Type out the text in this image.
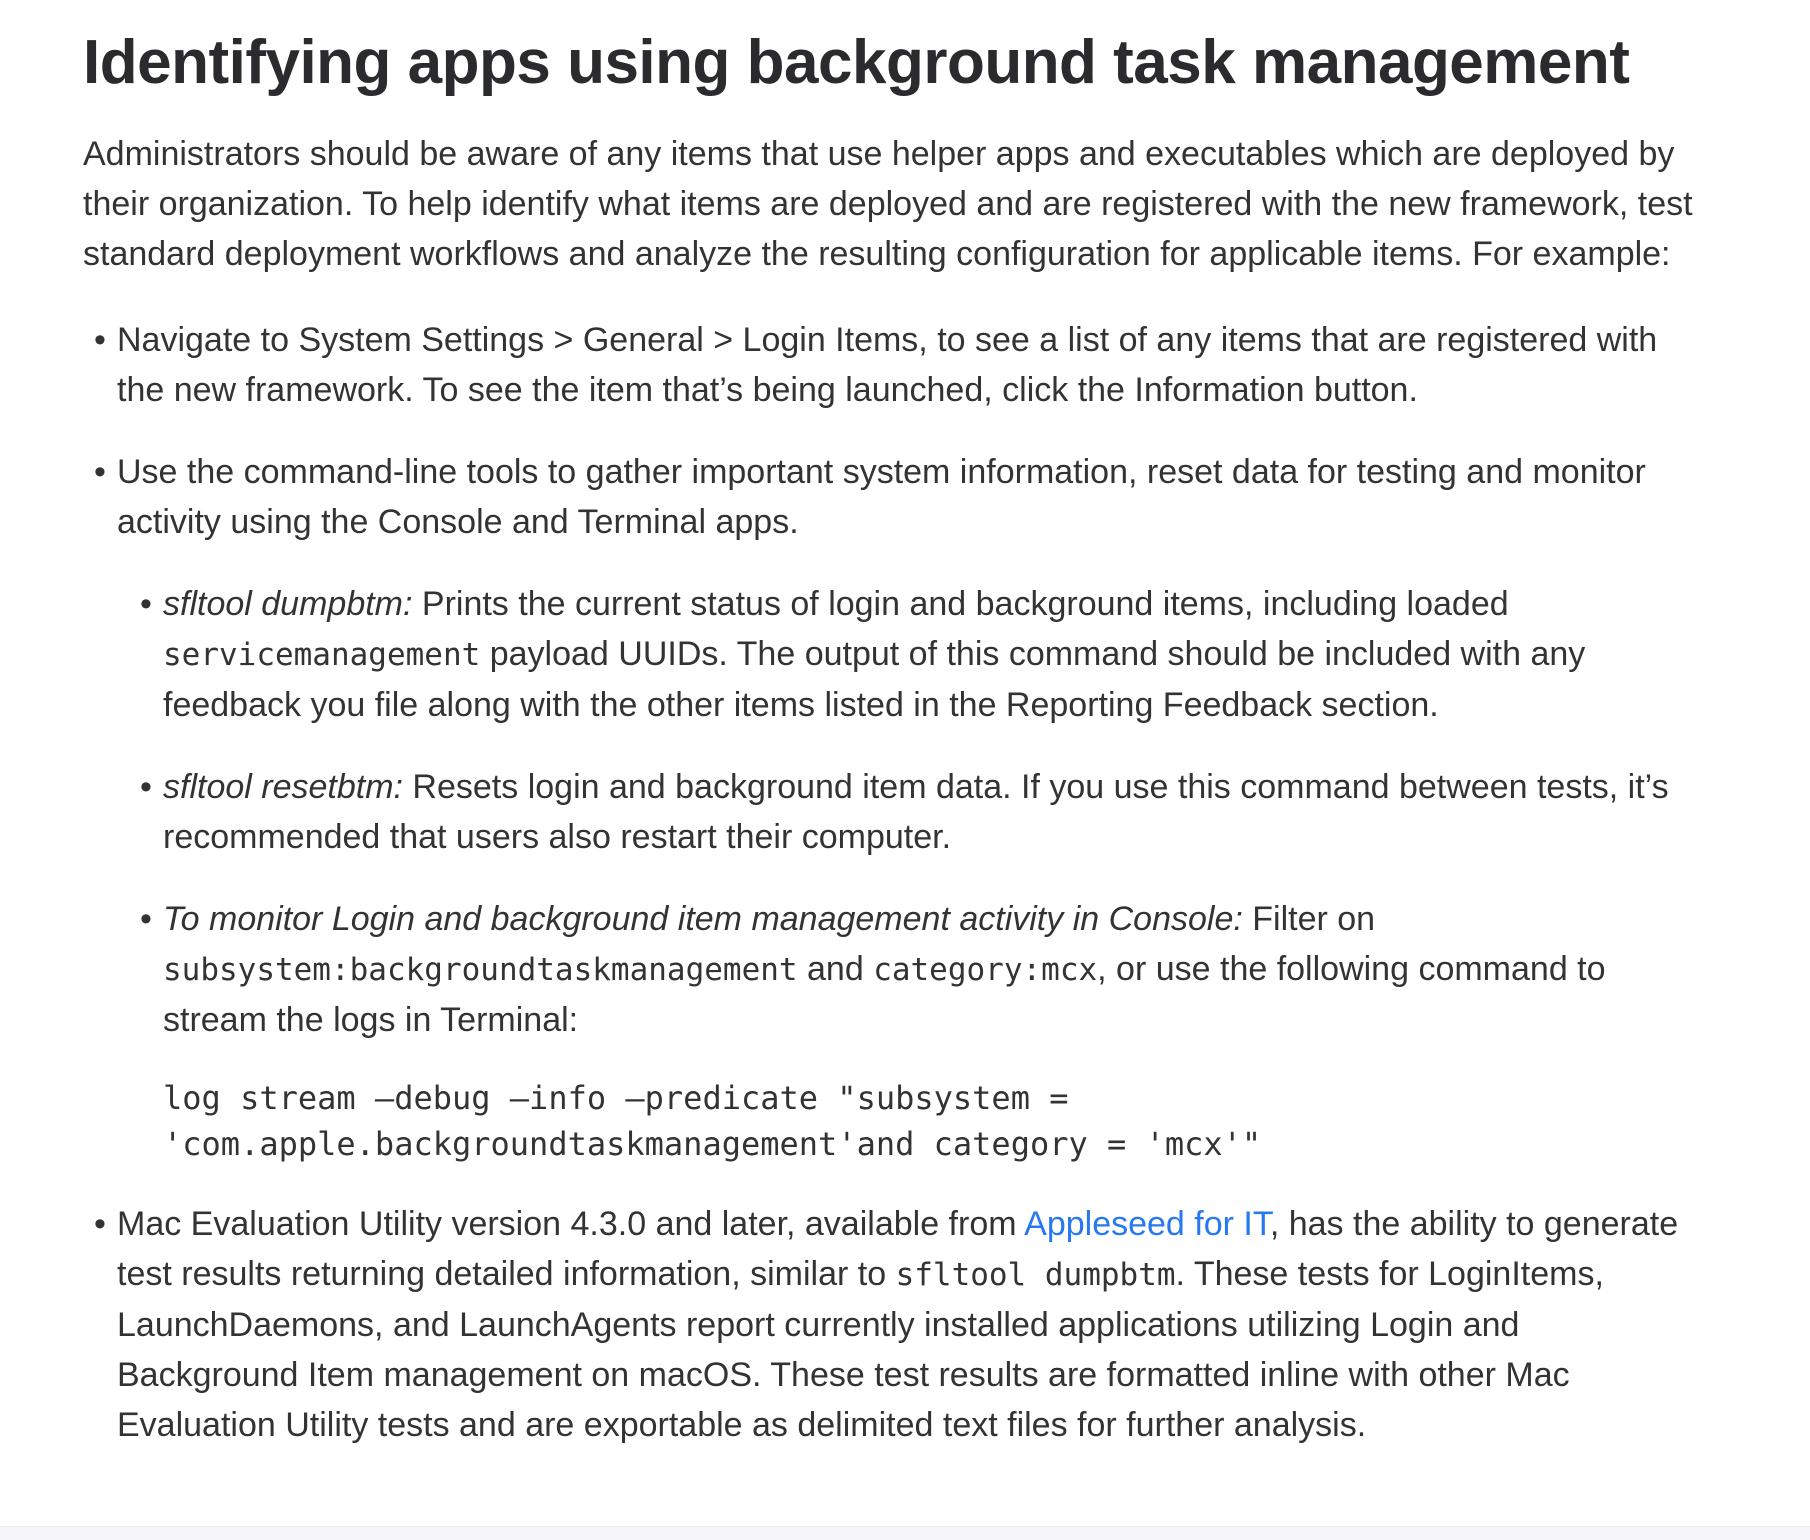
Identifying apps using background task management

Administrators should be aware of any items that use helper apps and executables which are deployed by their organization. To help identify what items are deployed and are registered with the new framework, test standard deployment workflows and analyze the resulting configuration for applicable items. For example:

• Navigate to System Settings > General > Login Items, to see a list of any items that are registered with the new framework. To see the item that’s being launched, click the Information button.
• Use the command-line tools to gather important system information, reset data for testing and monitor activity using the Console and Terminal apps.
• sfltool dumpbtm: Prints the current status of login and background items, including loaded servicemanagement payload UUIDs. The output of this command should be included with any feedback you file along with the other items listed in the Reporting Feedback section.
• sfltool resetbtm: Resets login and background item data. If you use this command between tests, it’s recommended that users also restart their computer.
• To monitor Login and background item management activity in Console: Filter on subsystem:backgroundtaskmanagement and category:mcx, or use the following command to stream the logs in Terminal:
log stream —debug —info —predicate "subsystem =
'com.apple.backgroundtaskmanagement'and category = 'mcx'"
• Mac Evaluation Utility version 4.3.0 and later, available from Appleseed for IT, has the ability to generate test results returning detailed information, similar to sfltool dumpbtm. These tests for LoginItems, LaunchDaemons, and LaunchAgents report currently installed applications utilizing Login and Background Item management on macOS. These test results are formatted inline with other Mac Evaluation Utility tests and are exportable as delimited text files for further analysis.
